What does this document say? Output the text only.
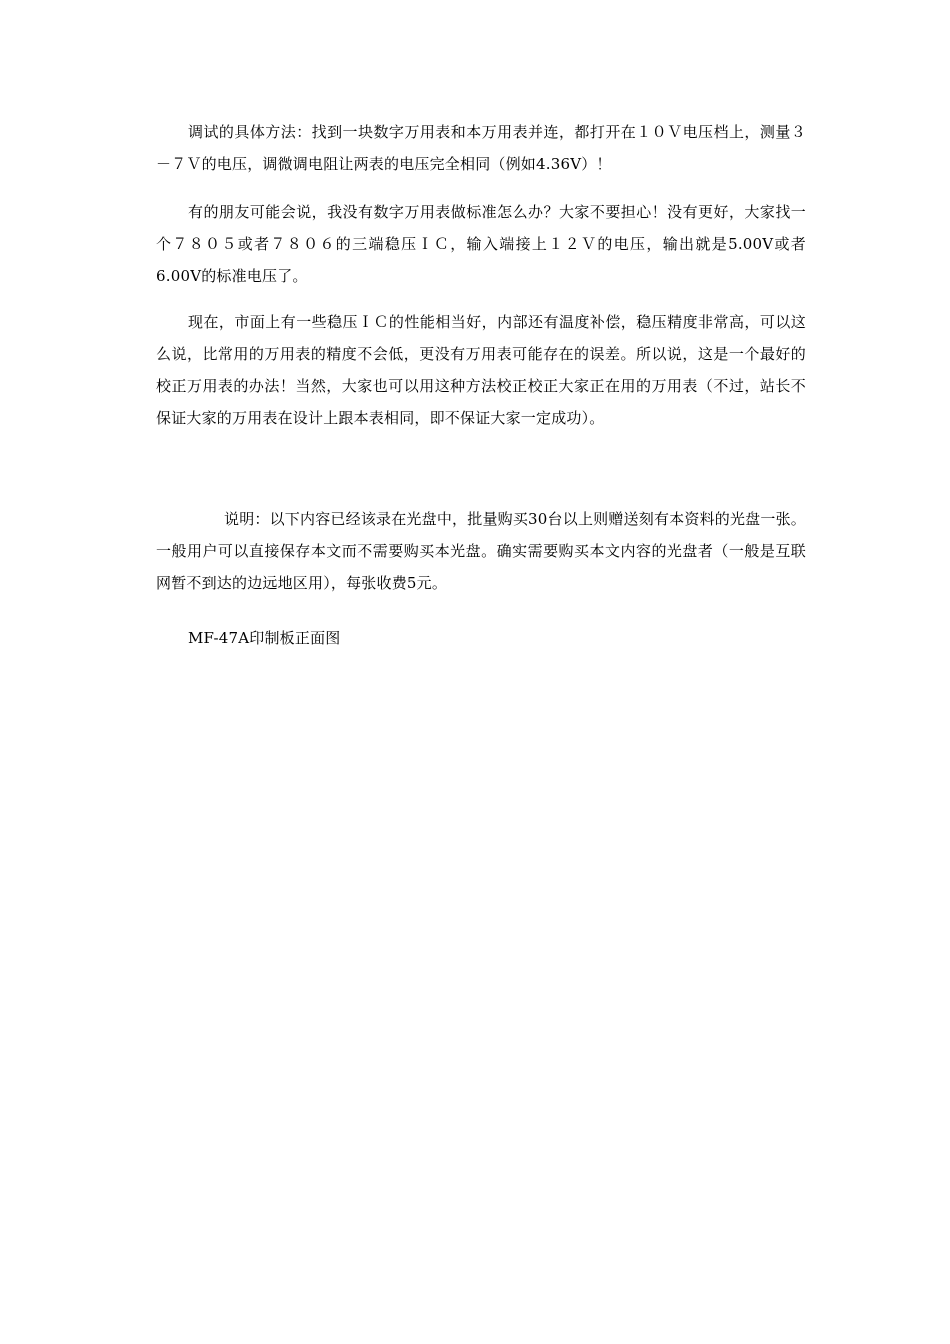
调试的具体方法：找到一块数字万用表和本万用表并连，都打开在１０Ｖ电压档上，测量３－７Ｖ的电压，调微调电阻让两表的电压完全相同（例如4.36V）！

有的朋友可能会说，我没有数字万用表做标准怎么办？大家不要担心！没有更好，大家找一个７８０５或者７８０６的三端稳压ＩＣ，输入端接上１２Ｖ的电压，输出就是5.00V或者6.00V的标准电压了。

现在，市面上有一些稳压ＩＣ的性能相当好，内部还有温度补偿，稳压精度非常高，可以这么说，比常用的万用表的精度不会低，更没有万用表可能存在的误差。所以说，这是一个最好的校正万用表的办法！当然，大家也可以用这种方法校正校正大家正在用的万用表（不过，站长不保证大家的万用表在设计上跟本表相同，即不保证大家一定成功）。

说明：以下内容已经该录在光盘中，批量购买30台以上则赠送刻有本资料的光盘一张。一般用户可以直接保存本文而不需要购买本光盘。确实需要购买本文内容的光盘者（一般是互联网暂不到达的边远地区用），每张收费5元。

MF-47A印制板正面图
